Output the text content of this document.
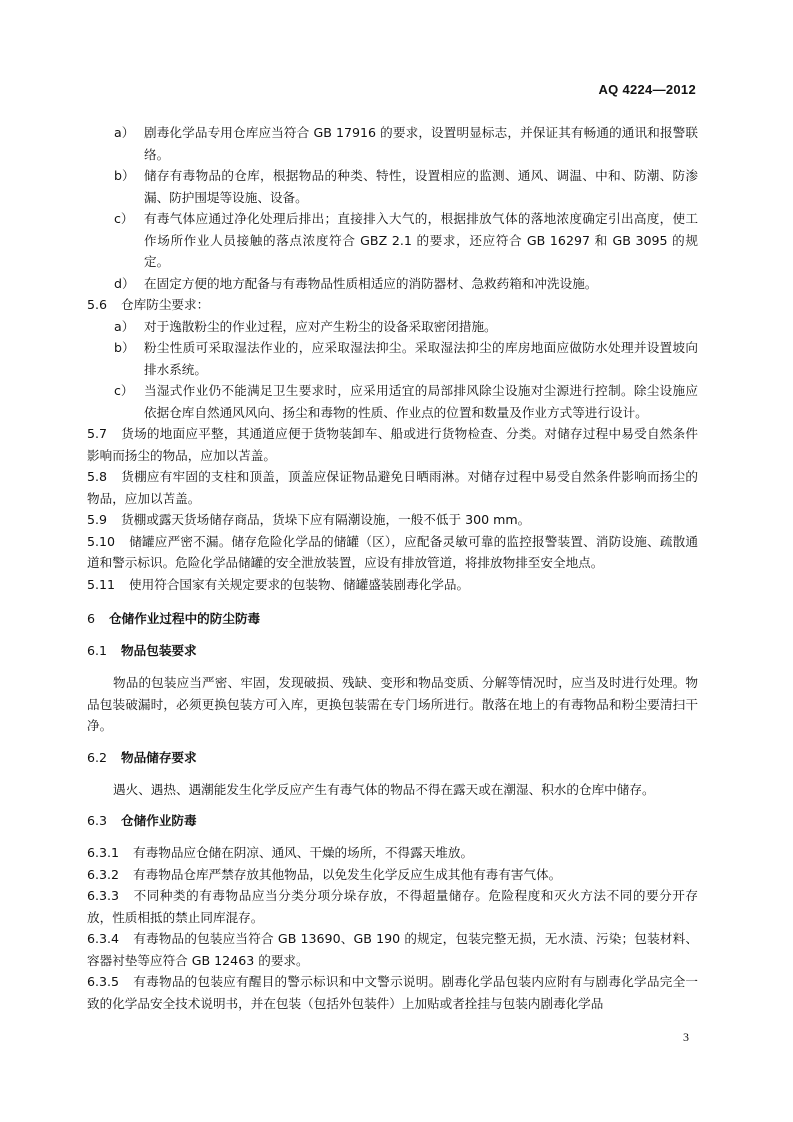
AQ 4224—2012
a） 剧毒化学品专用仓库应当符合 GB 17916 的要求，设置明显标志，并保证其有畅通的通讯和报警联络。
b） 储存有毒物品的仓库，根据物品的种类、特性，设置相应的监测、通风、调温、中和、防潮、防渗漏、防护围堤等设施、设备。
c） 有毒气体应通过净化处理后排出；直接排入大气的，根据排放气体的落地浓度确定引出高度，使工作场所作业人员接触的落点浓度符合 GBZ 2.1 的要求，还应符合 GB 16297 和 GB 3095 的规定。
d） 在固定方便的地方配备与有毒物品性质相适应的消防器材、急救药箱和冲洗设施。

5.6 仓库防尘要求：

a） 对于逸散粉尘的作业过程，应对产生粉尘的设备采取密闭措施。
b） 粉尘性质可采取湿法作业的，应采取湿法抑尘。采取湿法抑尘的库房地面应做防水处理并设置坡向排水系统。
c） 当湿式作业仍不能满足卫生要求时，应采用适宜的局部排风除尘设施对尘源进行控制。除尘设施应依据仓库自然通风风向、扬尘和毒物的性质、作业点的位置和数量及作业方式等进行设计。

5.7 货场的地面应平整，其通道应便于货物装卸车、船或进行货物检查、分类。对储存过程中易受自然条件影响而扬尘的物品，应加以苫盖。

5.8 货棚应有牢固的支柱和顶盖，顶盖应保证物品避免日晒雨淋。对储存过程中易受自然条件影响而扬尘的物品，应加以苫盖。

5.9 货棚或露天货场储存商品，货垛下应有隔潮设施，一般不低于 300 mm。

5.10 储罐应严密不漏。储存危险化学品的储罐（区），应配备灵敏可靠的监控报警装置、消防设施、疏散通道和警示标识。危险化学品储罐的安全泄放装置，应设有排放管道，将排放物排至安全地点。

5.11 使用符合国家有关规定要求的包装物、储罐盛装剧毒化学品。

6 仓储作业过程中的防尘防毒

6.1 物品包装要求

物品的包装应当严密、牢固，发现破损、残缺、变形和物品变质、分解等情况时，应当及时进行处理。物品包装破漏时，必须更换包装方可入库，更换包装需在专门场所进行。散落在地上的有毒物品和粉尘要清扫干净。

6.2 物品储存要求

遇火、遇热、遇潮能发生化学反应产生有毒气体的物品不得在露天或在潮湿、积水的仓库中储存。

6.3 仓储作业防毒

6.3.1 有毒物品应仓储在阴凉、通风、干燥的场所，不得露天堆放。

6.3.2 有毒物品仓库严禁存放其他物品，以免发生化学反应生成其他有毒有害气体。

6.3.3 不同种类的有毒物品应当分类分项分垛存放，不得超量储存。危险程度和灭火方法不同的要分开存放，性质相抵的禁止同库混存。

6.3.4 有毒物品的包装应当符合 GB 13690、GB 190 的规定，包装完整无损，无水渍、污染；包装材料、容器衬垫等应符合 GB 12463 的要求。

6.3.5 有毒物品的包装应有醒目的警示标识和中文警示说明。剧毒化学品包装内应附有与剧毒化学品完全一致的化学品安全技术说明书，并在包装（包括外包装件）上加贴或者拴挂与包装内剧毒化学品

3
